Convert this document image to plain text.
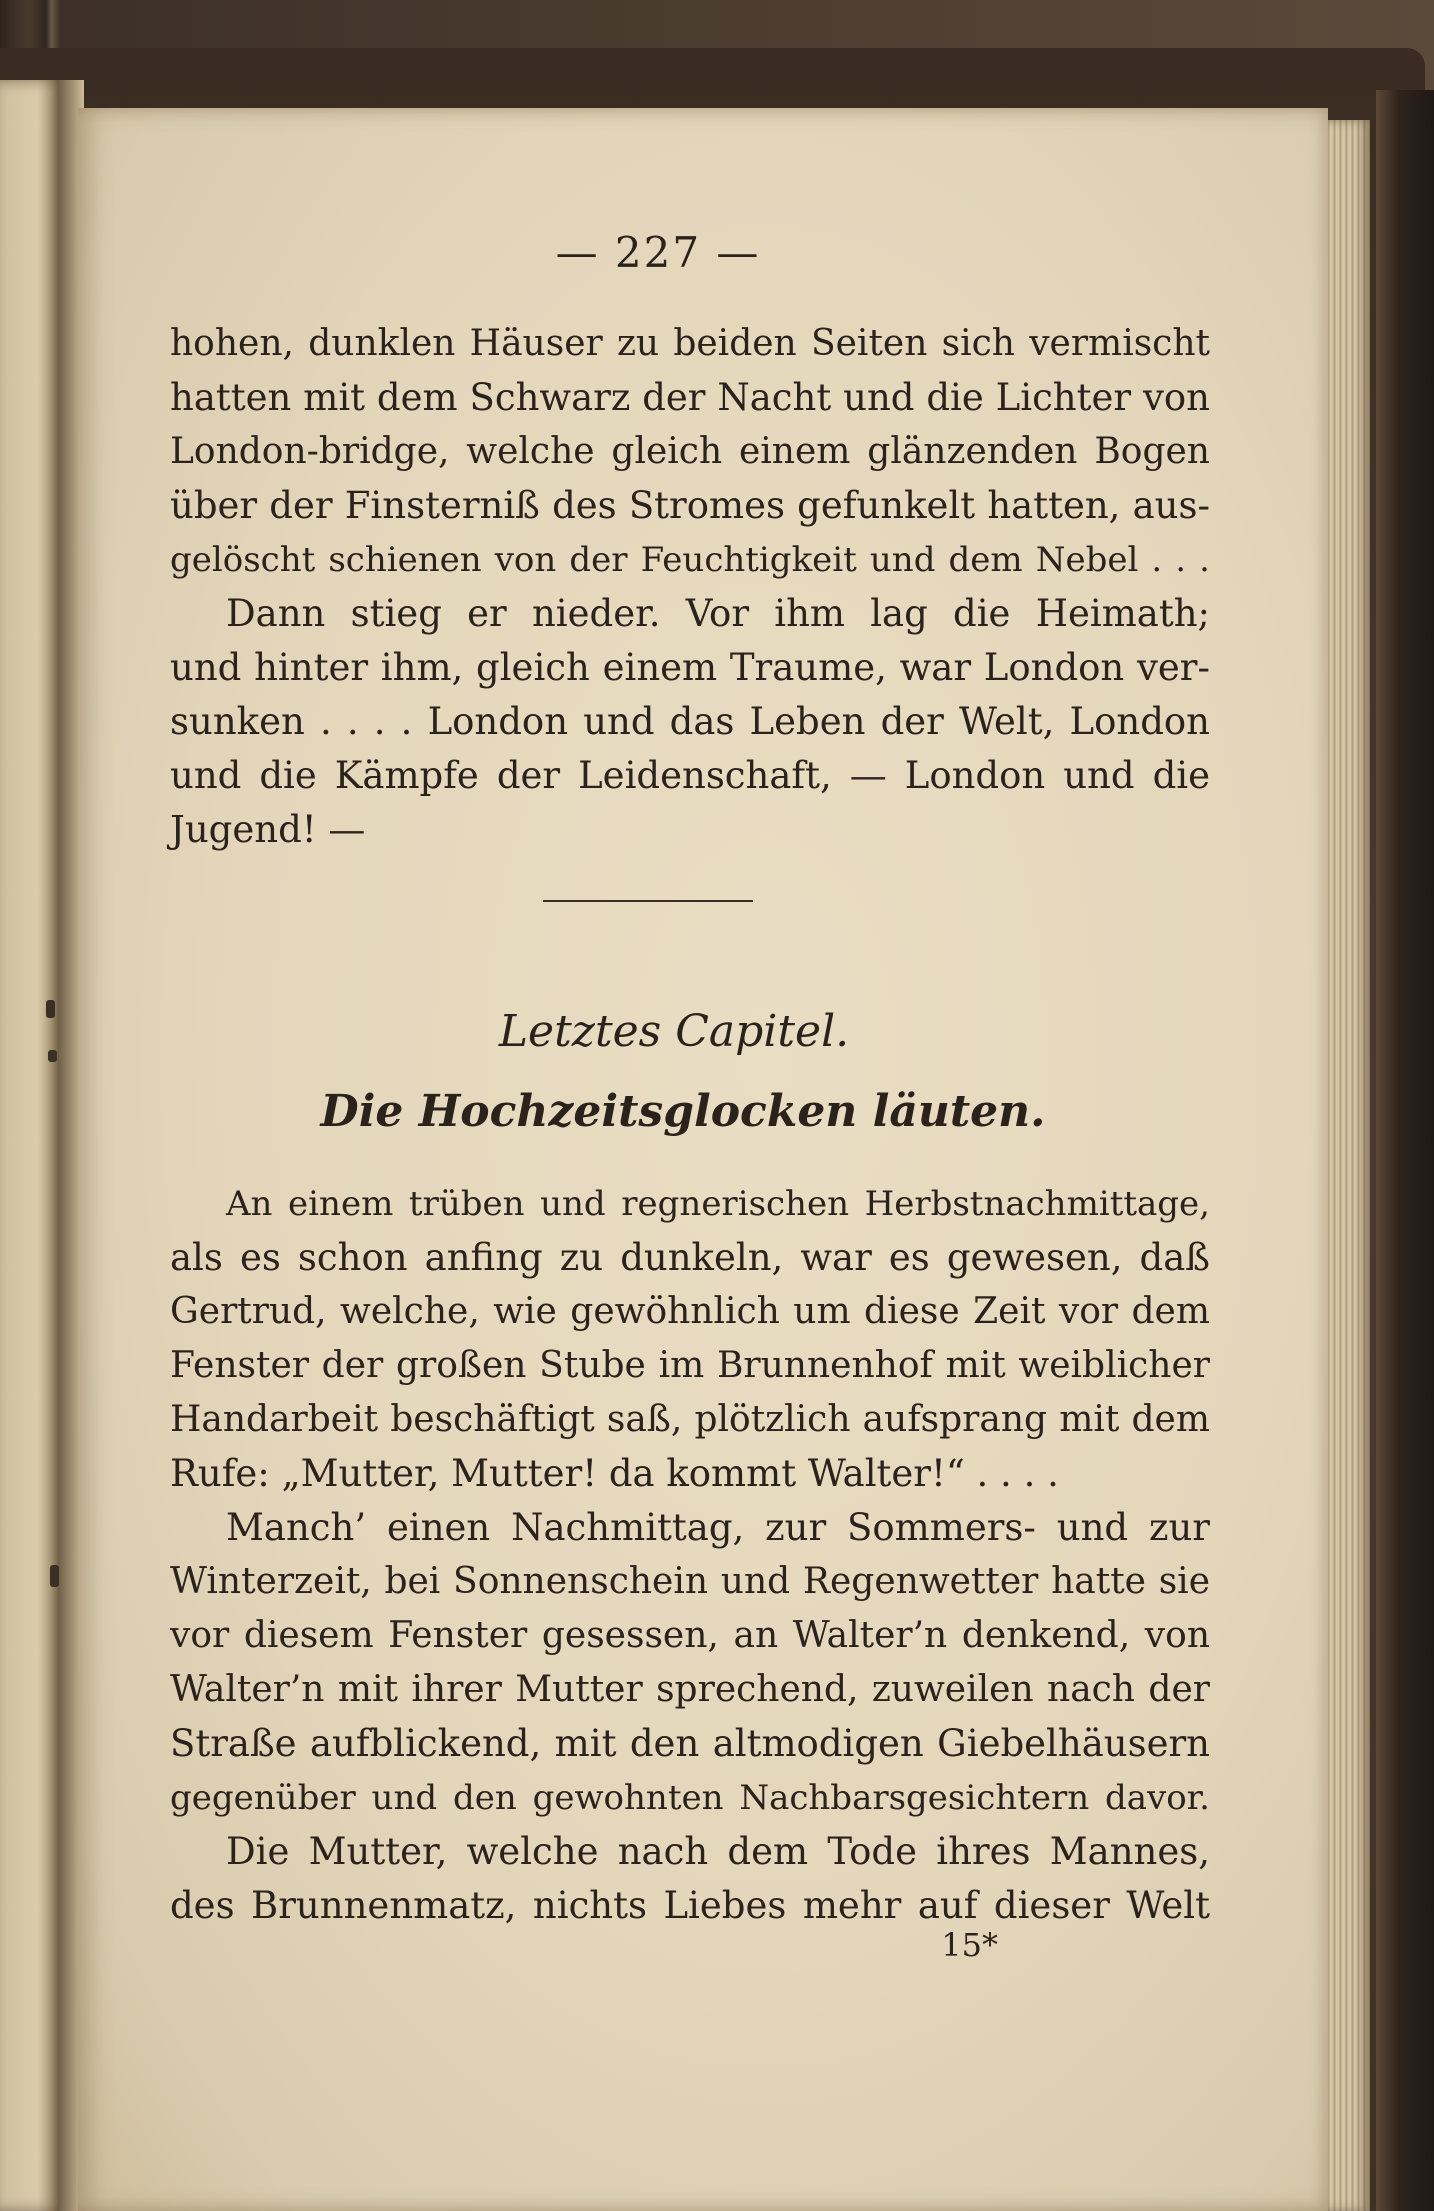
— 227 —
hohen, dunklen Häuser zu beiden Seiten sich vermischt
hatten mit dem Schwarz der Nacht und die Lichter von
London-bridge, welche gleich einem glänzenden Bogen
über der Finsterniß des Stromes gefunkelt hatten, aus-
gelöscht schienen von der Feuchtigkeit und dem Nebel . . .
Dann stieg er nieder. Vor ihm lag die Heimath;
und hinter ihm, gleich einem Traume, war London ver-
sunken . . . . London und das Leben der Welt, London
und die Kämpfe der Leidenschaft, — London und die
Jugend! —
Letztes Capitel.
Die Hochzeitsglocken läuten.
An einem trüben und regnerischen Herbstnachmittage,
als es schon anfing zu dunkeln, war es gewesen, daß
Gertrud, welche, wie gewöhnlich um diese Zeit vor dem
Fenster der großen Stube im Brunnenhof mit weiblicher
Handarbeit beschäftigt saß, plötzlich aufsprang mit dem
Rufe: „Mutter, Mutter! da kommt Walter!“ . . . .
Manch’ einen Nachmittag, zur Sommers- und zur
Winterzeit, bei Sonnenschein und Regenwetter hatte sie
vor diesem Fenster gesessen, an Walter’n denkend, von
Walter’n mit ihrer Mutter sprechend, zuweilen nach der
Straße aufblickend, mit den altmodigen Giebelhäusern
gegenüber und den gewohnten Nachbarsgesichtern davor.
Die Mutter, welche nach dem Tode ihres Mannes,
des Brunnenmatz, nichts Liebes mehr auf dieser Welt
15*
